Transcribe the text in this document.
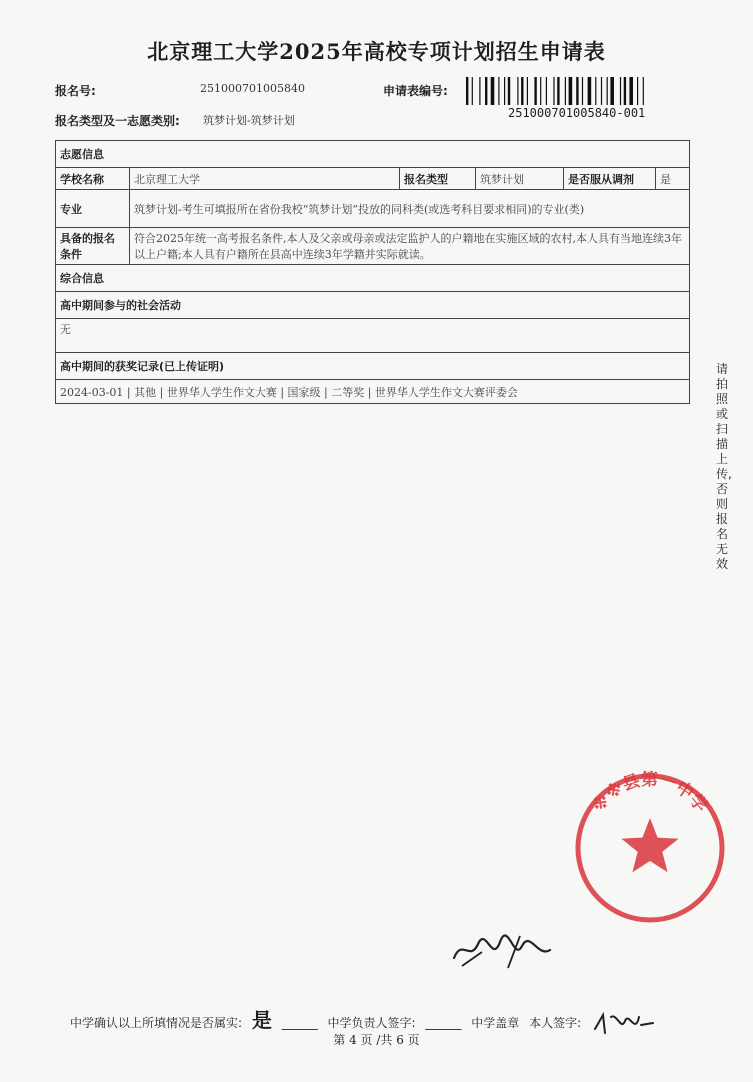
北京理工大学2025年高校专项计划招生申请表
报名号:	251000701005840	申请表编号:
251000701005840-001
报名类型及一志愿类别: 筑梦计划-筑梦计划
志愿信息					
学校名称	北京理工大学	报名类型	筑梦计划	是否服从调剂	是
专业	筑梦计划-考生可填报所在省份我校“筑梦计划”投放的同科类(或选考科目要求相同)的专业(类)				
具备的报名条件	符合2025年统一高考报名条件,本人及父亲或母亲或法定监护人的户籍地在实施区域的农村,本人具有当地连续3年以上户籍;本人具有户籍所在县高中连续3年学籍并实际就读。				
综合信息					
高中期间参与的社会活动					
无					
高中期间的获奖记录(已上传证明)					
2024-03-01 | 其他 | 世界华人学生作文大赛 | 国家级 | 二等奖 | 世界华人学生作文大赛评委会					
请拍照或扫描上传,否则报名无效
※※县第一中学
中学确认以上所填情况是否属实: 是 ______ 中学负责人签字: ______ 中学盖章 本人签字:
第 4 页 /共 6 页
